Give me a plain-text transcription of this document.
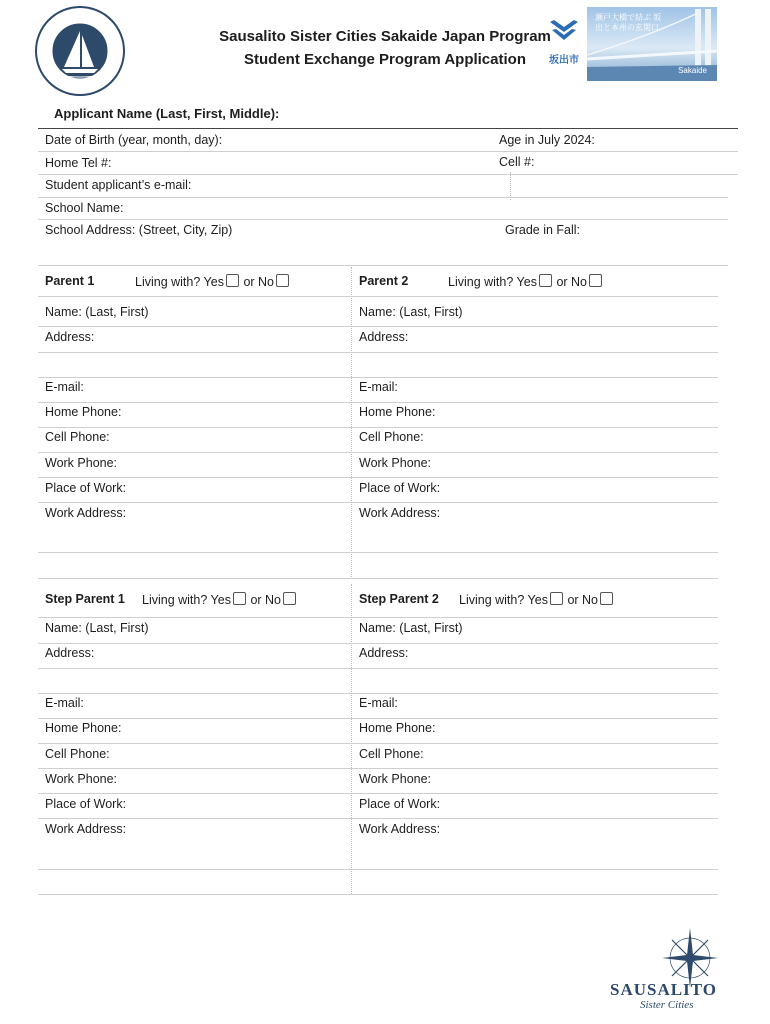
Sausalito Sister Cities Sakaide Japan Program
Student Exchange Program Application	坂出市
瀬戸大橋で結ぶ 坂出と本州の玄関口
Sakaide
Applicant Name (Last, First, Middle):
Date of Birth (year, month, day):	Age in July 2024:
Home Tel #:	Cell #:
Student applicant’s e-mail:
School Name:
School Address: (Street, City, Zip)	Grade in Fall:
Parent 1	Living with? Yes or No	Parent 2	Living with? Yes or No
Name: (Last, First)	Name: (Last, First)
Address:	Address:
E-mail:	E-mail:
Home Phone:	Home Phone:
Cell Phone:	Cell Phone:
Work Phone:	Work Phone:
Place of Work:	Place of Work:
Work Address:	Work Address:
Step Parent 1 Living with? Yes or No	Step Parent 2 Living with? Yes or No
Name: (Last, First)	Name: (Last, First)
Address:	Address:
E-mail:	E-mail:
Home Phone:	Home Phone:
Cell Phone:	Cell Phone:
Work Phone:	Work Phone:
Place of Work:	Place of Work:
Work Address:	Work Address:
SAUSALITO
Sister Cities
